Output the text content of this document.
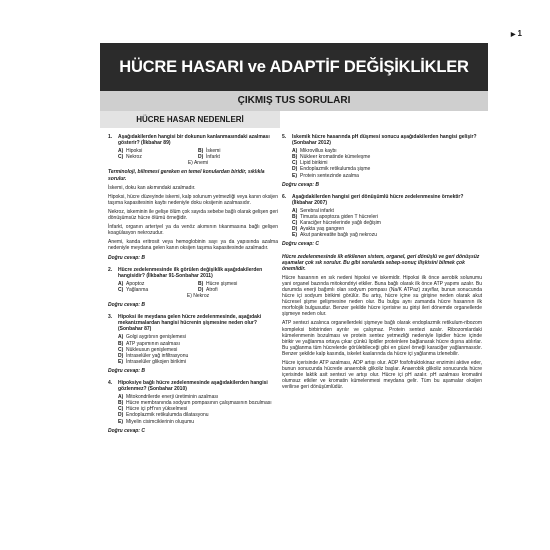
▶ 1
HÜCRE HASARI ve ADAPTİF DEĞİŞİKLİKLER
ÇIKMIŞ TUS SORULARI
HÜCRE HASAR NEDENLERİ
1.	Aşağıdakilerden hangisi bir dokunun kanlanmasındaki azalması gösterir? (İlkbahar 89)
A) Hipoksi	B) İskemi
C) Nekroz	D) İnfarkt
E) Anemi
Terminoloji, bilinmesi gereken en temel konulardan biridir, sıklıkla sorulur.
İskemi, doku kan akımındaki azalmadır.
Hipoksi, hücre düzeyinde iskemi, kalp solunum yetmezliği veya kanın oksijen taşıma kapasitesinin kaybı nedeniyle doku oksijenin azalmasıdır.
Nekroz, iskeminin ile gelişe ölüm çok sayıda sebebe bağlı olarak gelişen geri dönüşümsüz hücre ölümü örneğidir.
İnfarkt, organın arteriyel ya da venöz akımının tıkanmasına bağlı gelişen koagülasyon nekrozudur.
Anemi, kanda eritrosit veya hemoglobinin sayı ya da yapısında azalma nedeniyle meydana gelen kanın oksijen taşıma kapasitesinde azalmadır.
Doğru cevap: B
2.	Hücre zedelenmesinde ilk görülen değişiklik aşağıdakilerden hangisidir? (İlkbahar 91-Sonbahar 2011)
A) Apoptoz	B) Hücre şişmesi
C) Yağlanma	D) Atrofi
E) Nekroz
Doğru cevap: B
3.	Hipoksi ile meydana gelen hücre zedelenmesinde, aşağıdaki mekanizmalardan hangisi hücrenin şişmesine neden olur? (Sonbahar 87)
A) Golgi aygıtının genişlemesi
B) ATP yapımının azalması
C) Nükleusun genişlemesi
D) İntraselüler yağ infiltrasyonu
E) İntraselüler glikojen birikimi
Doğru cevap: B
4.	Hipoksiye bağlı hücre zedelenmesinde aşağıdakilerden hangisi gözlenmez? (Sonbahar 2010)
A) Mitokondrilerde enerji üretiminin azalması
B) Hücre membranında sodyum pompasının çalışmasının bozulması
C) Hücre içi pH'nın yükselmesi
D) Endoplazmik retikulumda dilatasyonu
E) Miyelin cisimciklerinin oluşumu
Doğru cevap: C
5.	İskemik hücre hasarında pH düşmesi sonucu aşağıdakilerden hangisi gelişir? (Sonbahar 2012)
A) Mikrovillus kaybı
B) Nükleer kromatinde kümeleşme
C) Lipid birikimi
D) Endoplazmik retikulumda şişme
E) Protein sentezinde azalma
Doğru cevap: B
6.	Aşağıdakilerden hangisi geri dönüşümlü hücre zedelenmesine örnektir? (İlkbahar 2007)
A) Serebral infarkt
B) Timusta apoptoza giden T hücreleri
C) Karaciğer hücrelerinde yağlı değişim
D) Ayakta yaş gangren
E) Akut pankreatite bağlı yağ nekrozu
Doğru cevap: C
Hücre zedelenmesinde ilk etkilenen sistem, organel, geri dönüşlü ve geri dönüşsüz aşamalar çok sık sorulur. Bu gibi sorularda sebep-sonuç ilişkisini bilmek çok önemlidir.
Hücre hasarının en sık nedeni hipoksi ve iskemidir. Hipoksi ilk önce aerobik solunumu yani organel bazında mitokondriyi etkiler. Buna bağlı olarak ilk önce ATP yapımı azalır. Bu durumda enerji bağımlı olan sodyum pompası (Na/K ATPaz) zayıflar, bunun sonucunda hücre içi sodyum birikimi görülür. Bu artış, hücre içine su girişine neden olarak akut hücresel şişme gelişmesine neden olur. Bu bulgu aynı zamanda hücre hasarının ilk morfolojik bulgusudur. Benzer şekilde hücre içerisine su girişi ileri dönemde organellerde şişmeye neden olur.
ATP sentezi azalınca organellerdeki şişmeye bağlı olarak endoplazmik retikulum-ribozom kompleksi birbirinden ayrılır ve çalışmaz. Protein sentezi azalır. Ribozomlardaki kümelenmenin bozulması ve protein sentez yetmezliği nedeniyle lipidler hücre içinde birikir ve yağlanma ortaya çıkar çünkü lipidler proteinlere bağlanarak hücre dışına atılırlar. Bu yağlanma tüm hücrelerde görülebileceği gibi en güzel örneği karaciğer yağlanmasıdır. Benzer şekilde kalp kasında, iskelet kaslarında da hücre içi yağlanma izlenebilir.
Hücre içerisinde ATP azalması, ADP artışı olur. ADP fosfofruktokinaz enzimini aktive eder, bunun sonucunda hücrede anaerobik glikoliz başlar. Anaerobik glikoliz sonucunda hücre içerisinde laktik asit sentezi ve artışı olur. Hücre içi pH azalır. pH azalması kromatini olumsuz etkiler ve kromatin kümelenmesi meydana gelir. Tüm bu aşamalar oksijen verilirse geri dönüşümlüdür.
